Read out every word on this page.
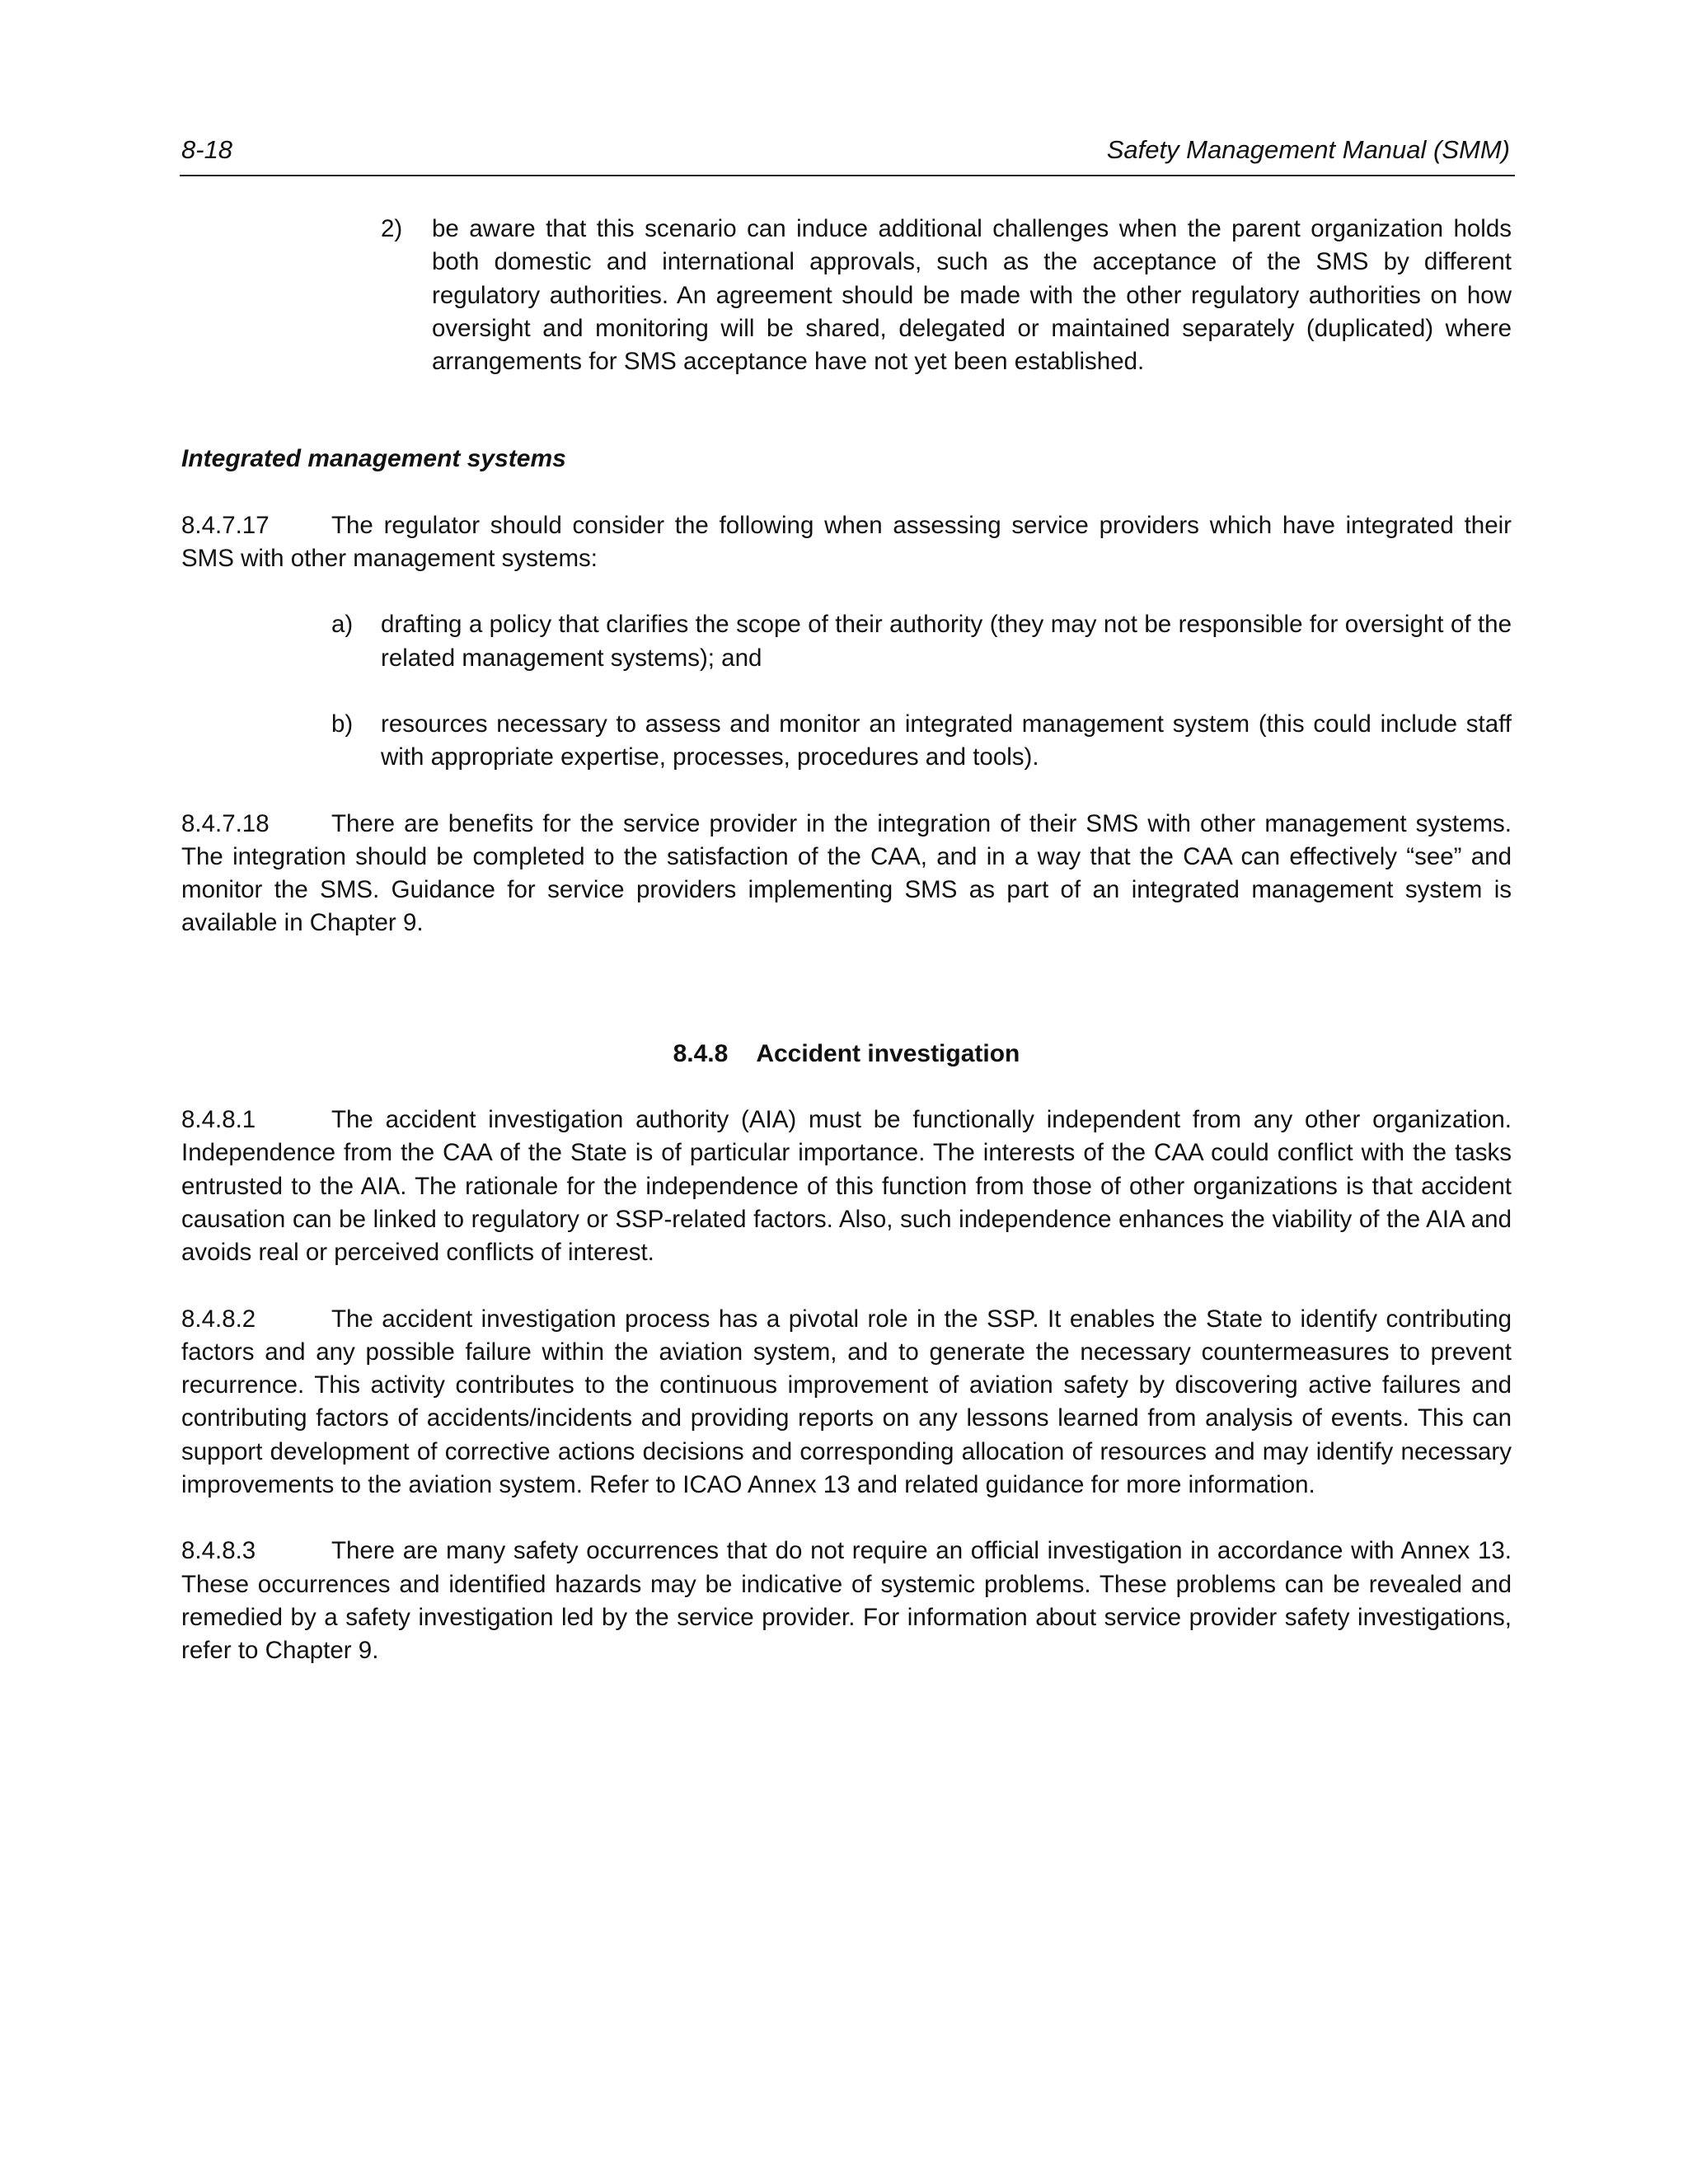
8-18	Safety Management Manual (SMM)
2)	be aware that this scenario can induce additional challenges when the parent organization holds both domestic and international approvals, such as the acceptance of the SMS by different regulatory authorities. An agreement should be made with the other regulatory authorities on how oversight and monitoring will be shared, delegated or maintained separately (duplicated) where arrangements for SMS acceptance have not yet been established.
Integrated management systems

8.4.7.17	The regulator should consider the following when assessing service providers which have integrated their SMS with other management systems:

a)	drafting a policy that clarifies the scope of their authority (they may not be responsible for oversight of the related management systems); and
b)	resources necessary to assess and monitor an integrated management system (this could include staff with appropriate expertise, processes, procedures and tools).

8.4.7.18	There are benefits for the service provider in the integration of their SMS with other management systems. The integration should be completed to the satisfaction of the CAA, and in a way that the CAA can effectively “see” and monitor the SMS. Guidance for service providers implementing SMS as part of an integrated management system is available in Chapter 9.

8.4.8 Accident investigation

8.4.8.1	The accident investigation authority (AIA) must be functionally independent from any other organization. Independence from the CAA of the State is of particular importance. The interests of the CAA could conflict with the tasks entrusted to the AIA. The rationale for the independence of this function from those of other organizations is that accident causation can be linked to regulatory or SSP-related factors. Also, such independence enhances the viability of the AIA and avoids real or perceived conflicts of interest.

8.4.8.2	The accident investigation process has a pivotal role in the SSP. It enables the State to identify contributing factors and any possible failure within the aviation system, and to generate the necessary countermeasures to prevent recurrence. This activity contributes to the continuous improvement of aviation safety by discovering active failures and contributing factors of accidents/incidents and providing reports on any lessons learned from analysis of events. This can support development of corrective actions decisions and corresponding allocation of resources and may identify necessary improvements to the aviation system. Refer to ICAO Annex 13 and related guidance for more information.

8.4.8.3	There are many safety occurrences that do not require an official investigation in accordance with Annex 13. These occurrences and identified hazards may be indicative of systemic problems. These problems can be revealed and remedied by a safety investigation led by the service provider. For information about service provider safety investigations, refer to Chapter 9.
